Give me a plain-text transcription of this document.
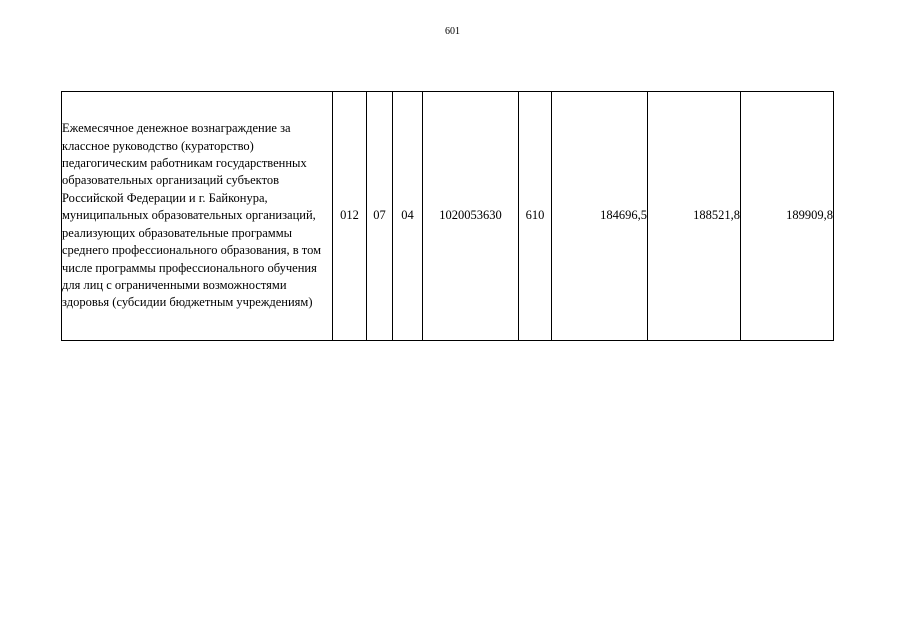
601
Ежемесячное денежное вознаграждение за классное руководство (кураторство) педагогическим работникам государственных образовательных организаций субъектов Российской Федерации и г. Байконура, муниципальных образовательных организаций, реализующих образовательные программы среднего профессионального образования, в том числе программы профессионального обучения для лиц с ограниченными возможностями здоровья (субсидии бюджетным учреждениям)	012	07	04	1020053630	610	184696,5	188521,8	189909,8
